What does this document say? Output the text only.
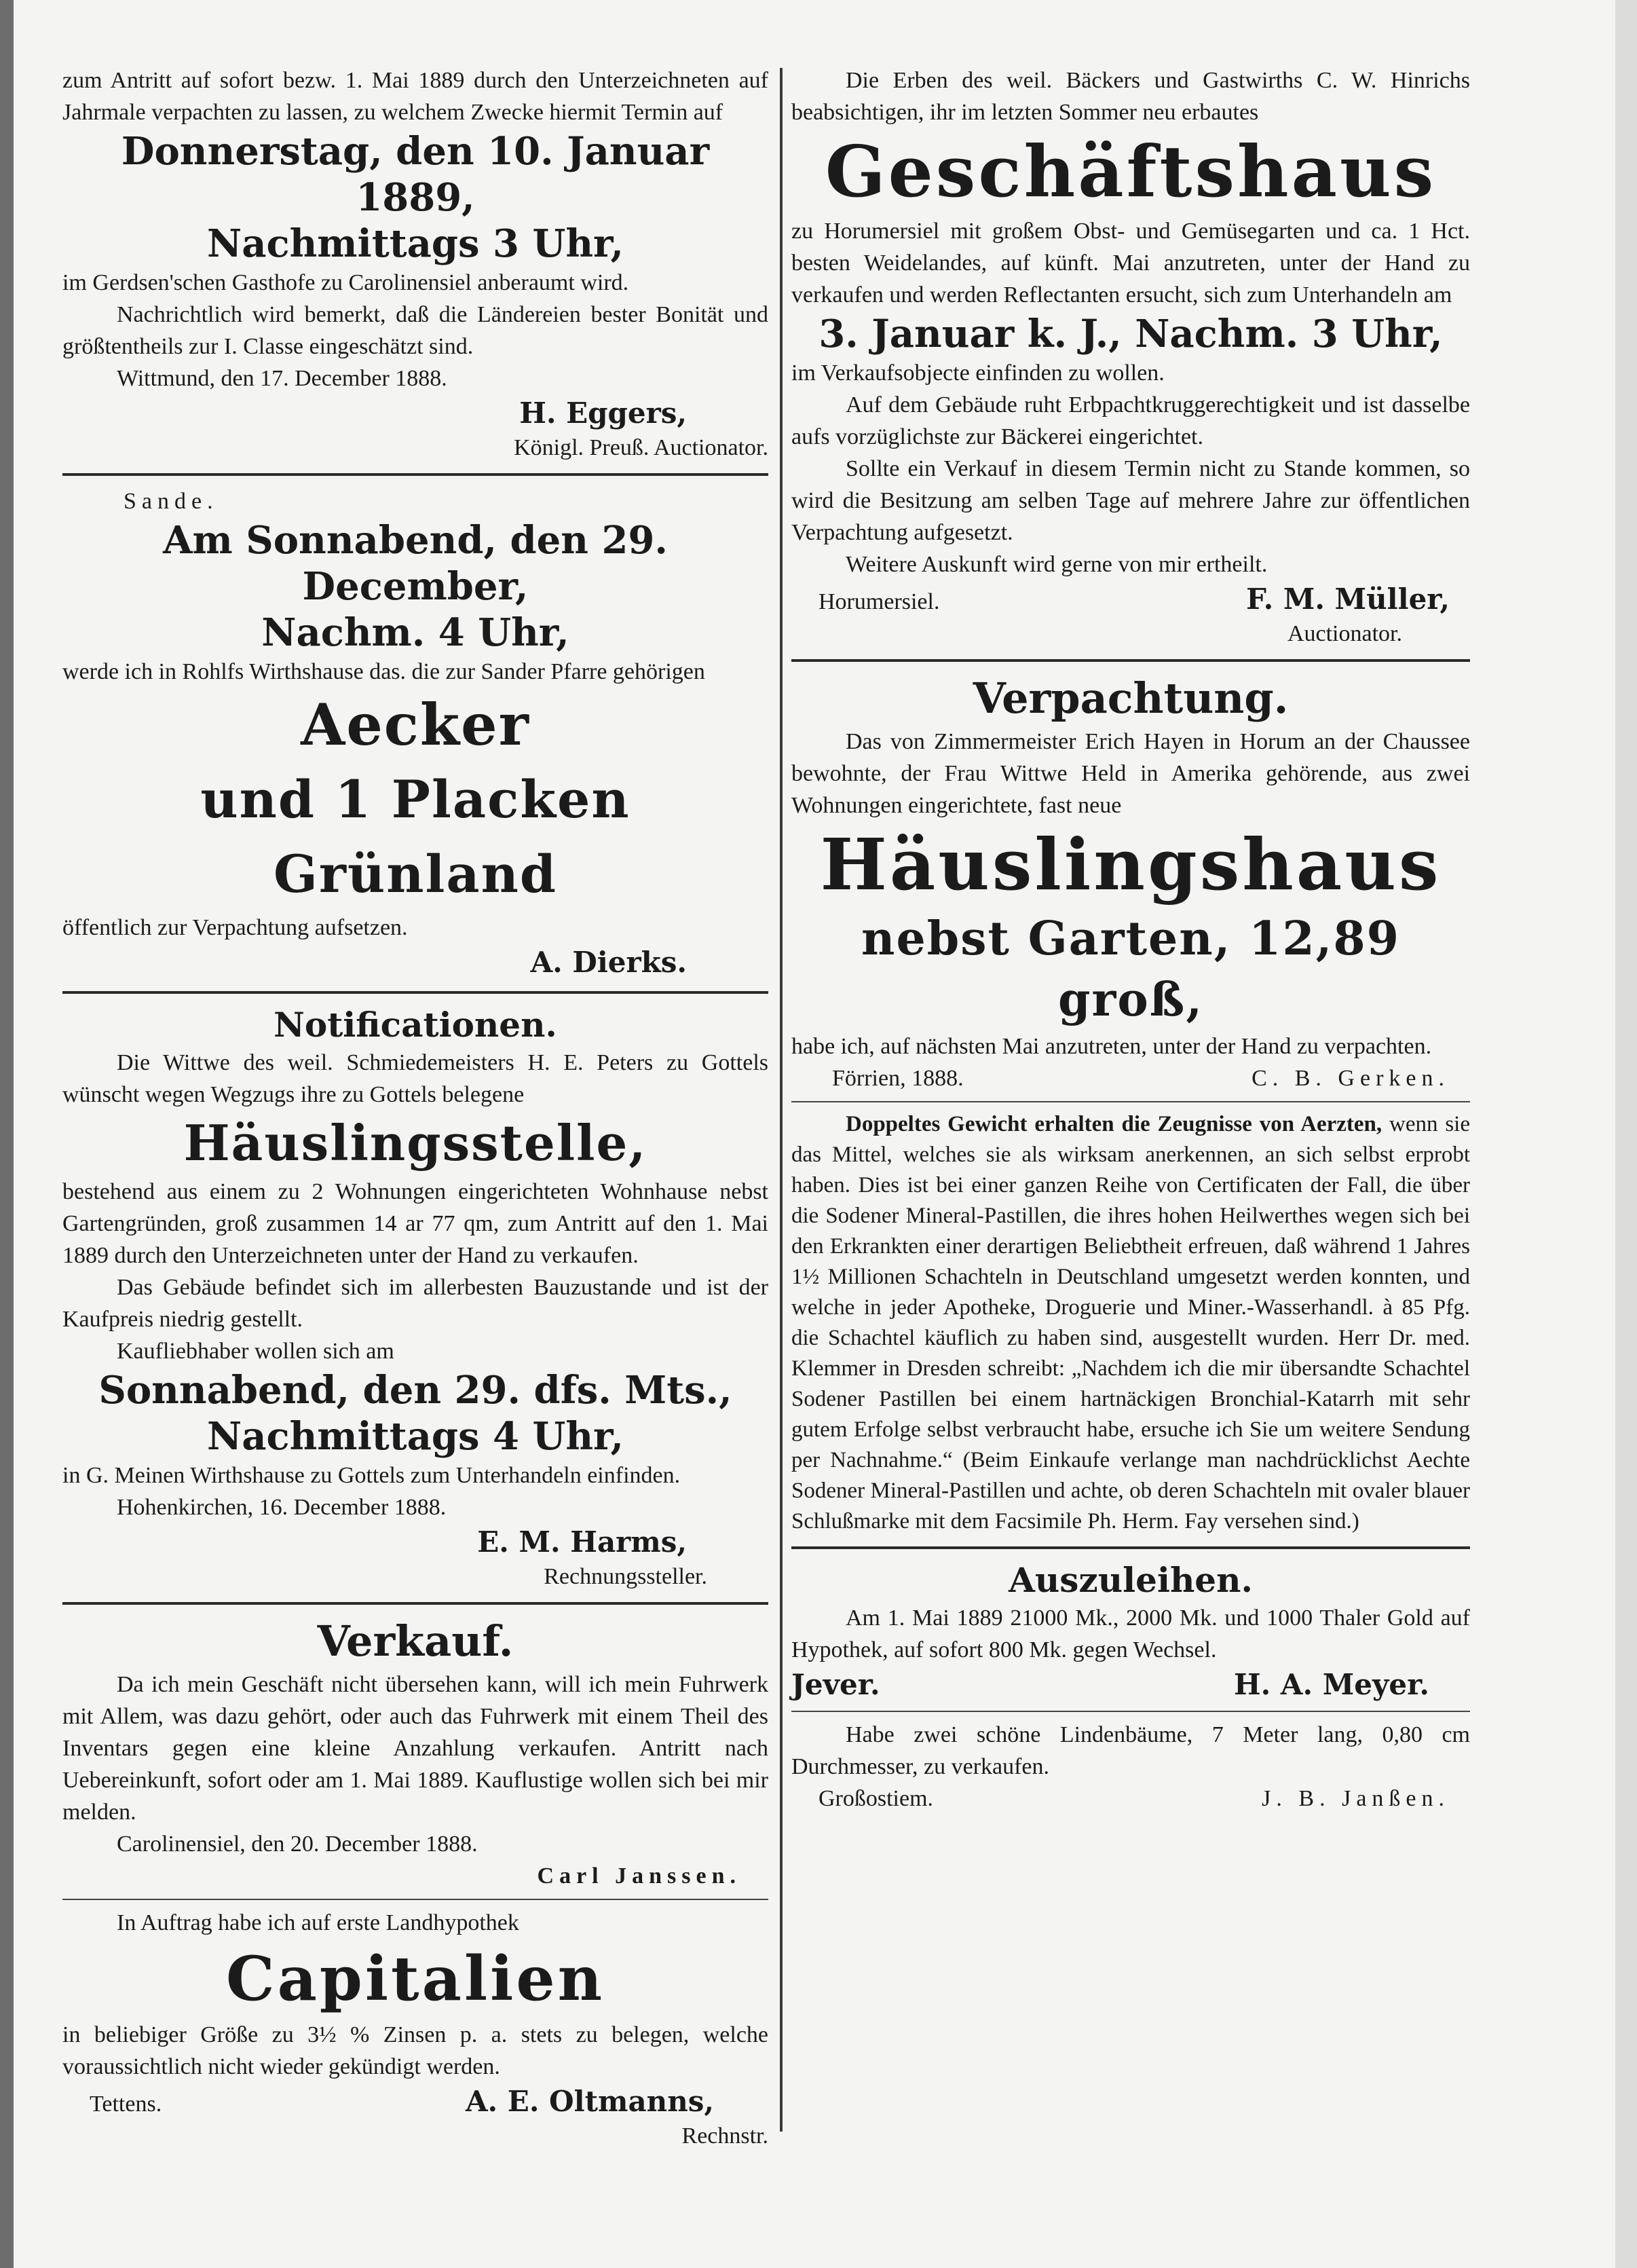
zum Antritt auf sofort bezw. 1. Mai 1889 durch den Unterzeichneten auf Jahrmale verpachten zu lassen, zu welchem Zwecke hiermit Termin auf

Donnerstag, den 10. Januar 1889,

Nachmittags 3 Uhr,

im Gerdsen'schen Gasthofe zu Carolinensiel anberaumt wird.

Nachrichtlich wird bemerkt, daß die Ländereien bester Bonität und größtentheils zur I. Classe eingeschätzt sind.

Wittmund, den 17. December 1888.

H. Eggers,

Königl. Preuß. Auctionator.

Sande.

Am Sonnabend, den 29. December,

Nachm. 4 Uhr,

werde ich in Rohlfs Wirthshause das. die zur Sander Pfarre gehörigen

Aecker

und 1 Placken Grünland

öffentlich zur Verpachtung aufsetzen.

A. Dierks.

Notificationen.

Die Wittwe des weil. Schmiedemeisters H. E. Peters zu Gottels wünscht wegen Wegzugs ihre zu Gottels belegene

Häuslingsstelle,

bestehend aus einem zu 2 Wohnungen eingerichteten Wohnhause nebst Gartengründen, groß zusammen 14 ar 77 qm, zum Antritt auf den 1. Mai 1889 durch den Unterzeichneten unter der Hand zu verkaufen.

Das Gebäude befindet sich im allerbesten Bauzustande und ist der Kaufpreis niedrig gestellt.

Kaufliebhaber wollen sich am

Sonnabend, den 29. dfs. Mts.,

Nachmittags 4 Uhr,

in G. Meinen Wirthshause zu Gottels zum Unterhandeln einfinden.

Hohenkirchen, 16. December 1888.

E. M. Harms,

Rechnungssteller.

Verkauf.

Da ich mein Geschäft nicht übersehen kann, will ich mein Fuhrwerk mit Allem, was dazu gehört, oder auch das Fuhrwerk mit einem Theil des Inventars gegen eine kleine Anzahlung verkaufen. Antritt nach Uebereinkunft, sofort oder am 1. Mai 1889. Kauflustige wollen sich bei mir melden.

Carolinensiel, den 20. December 1888.

Carl Janssen.

In Auftrag habe ich auf erste Landhypothek

Capitalien

in beliebiger Größe zu 3½ % Zinsen p. a. stets zu belegen, welche voraussichtlich nicht wieder gekündigt werden.

Tettens.	A. E. Oltmanns,

Rechnstr.

Die Erben des weil. Bäckers und Gastwirths C. W. Hinrichs beabsichtigen, ihr im letzten Sommer neu erbautes

Geschäftshaus

zu Horumersiel mit großem Obst- und Gemüsegarten und ca. 1 Hct. besten Weidelandes, auf künft. Mai anzutreten, unter der Hand zu verkaufen und werden Reflectanten ersucht, sich zum Unterhandeln am

3. Januar k. J., Nachm. 3 Uhr,

im Verkaufsobjecte einfinden zu wollen.

Auf dem Gebäude ruht Erbpachtkruggerechtigkeit und ist dasselbe aufs vorzüglichste zur Bäckerei eingerichtet.

Sollte ein Verkauf in diesem Termin nicht zu Stande kommen, so wird die Besitzung am selben Tage auf mehrere Jahre zur öffentlichen Verpachtung aufgesetzt.

Weitere Auskunft wird gerne von mir ertheilt.

Horumersiel.	F. M. Müller,

Auctionator.

Verpachtung.

Das von Zimmermeister Erich Hayen in Horum an der Chaussee bewohnte, der Frau Wittwe Held in Amerika gehörende, aus zwei Wohnungen eingerichtete, fast neue

Häuslingshaus

nebst Garten, 12,89 groß,

habe ich, auf nächsten Mai anzutreten, unter der Hand zu verpachten.

Förrien, 1888.	C. B. Gerken.

Doppeltes Gewicht erhalten die Zeugnisse von Aerzten, wenn sie das Mittel, welches sie als wirksam anerkennen, an sich selbst erprobt haben. Dies ist bei einer ganzen Reihe von Certificaten der Fall, die über die Sodener Mineral-Pastillen, die ihres hohen Heilwerthes wegen sich bei den Erkrankten einer derartigen Beliebtheit erfreuen, daß während 1 Jahres 1½ Millionen Schachteln in Deutschland umgesetzt werden konnten, und welche in jeder Apotheke, Droguerie und Miner.-Wasserhandl. à 85 Pfg. die Schachtel käuflich zu haben sind, ausgestellt wurden. Herr Dr. med. Klemmer in Dresden schreibt: „Nachdem ich die mir übersandte Schachtel Sodener Pastillen bei einem hartnäckigen Bronchial-Katarrh mit sehr gutem Erfolge selbst verbraucht habe, ersuche ich Sie um weitere Sendung per Nachnahme.“ (Beim Einkaufe verlange man nachdrücklichst Aechte Sodener Mineral-Pastillen und achte, ob deren Schachteln mit ovaler blauer Schlußmarke mit dem Facsimile Ph. Herm. Fay versehen sind.)

Auszuleihen.

Am 1. Mai 1889 21000 Mk., 2000 Mk. und 1000 Thaler Gold auf Hypothek, auf sofort 800 Mk. gegen Wechsel.

Jever.	H. A. Meyer.

Habe zwei schöne Lindenbäume, 7 Meter lang, 0,80 cm Durchmesser, zu verkaufen.

Großostiem.	J. B. Janßen.
